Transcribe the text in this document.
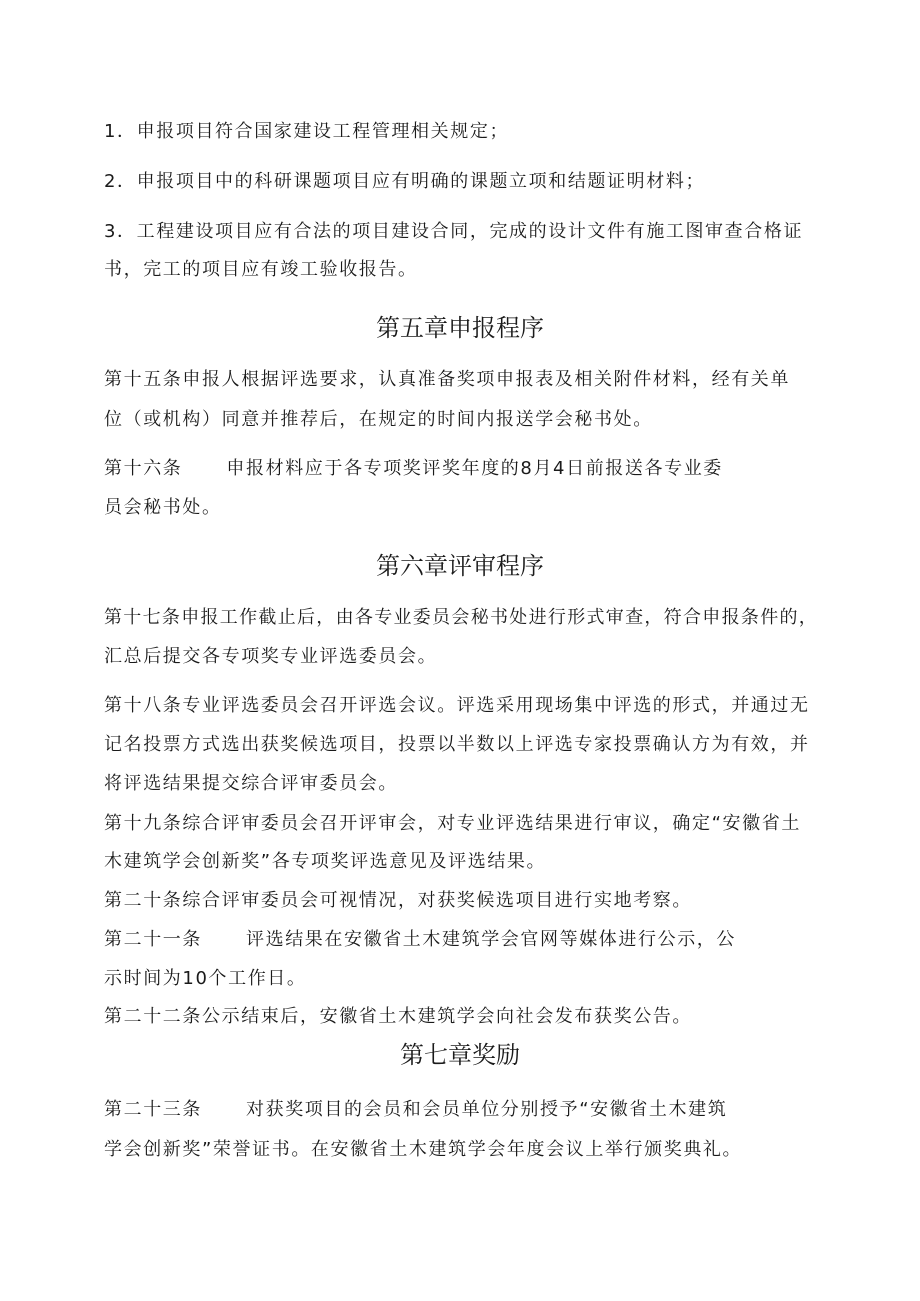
1．申报项目符合国家建设工程管理相关规定；
2．申报项目中的科研课题项目应有明确的课题立项和结题证明材料；
3．工程建设项目应有合法的项目建设合同，完成的设计文件有施工图审查合格证
书，完工的项目应有竣工验收报告。
第五章申报程序
第十五条申报人根据评选要求，认真准备奖项申报表及相关附件材料，经有关单
位（或机构）同意并推荐后，在规定的时间内报送学会秘书处。
第十六条 申报材料应于各专项奖评奖年度的8月4日前报送各专业委
员会秘书处。
第六章评审程序
第十七条申报工作截止后，由各专业委员会秘书处进行形式审查，符合申报条件的，
汇总后提交各专项奖专业评选委员会。
第十八条专业评选委员会召开评选会议。评选采用现场集中评选的形式，并通过无
记名投票方式选出获奖候选项目，投票以半数以上评选专家投票确认方为有效，并
将评选结果提交综合评审委员会。
第十九条综合评审委员会召开评审会，对专业评选结果进行审议，确定“安徽省土
木建筑学会创新奖”各专项奖评选意见及评选结果。
第二十条综合评审委员会可视情况，对获奖候选项目进行实地考察。
第二十一条 评选结果在安徽省土木建筑学会官网等媒体进行公示，公
示时间为10个工作日。
第二十二条公示结束后，安徽省土木建筑学会向社会发布获奖公告。
第七章奖励
第二十三条 对获奖项目的会员和会员单位分别授予“安徽省土木建筑
学会创新奖”荣誉证书。在安徽省土木建筑学会年度会议上举行颁奖典礼。
